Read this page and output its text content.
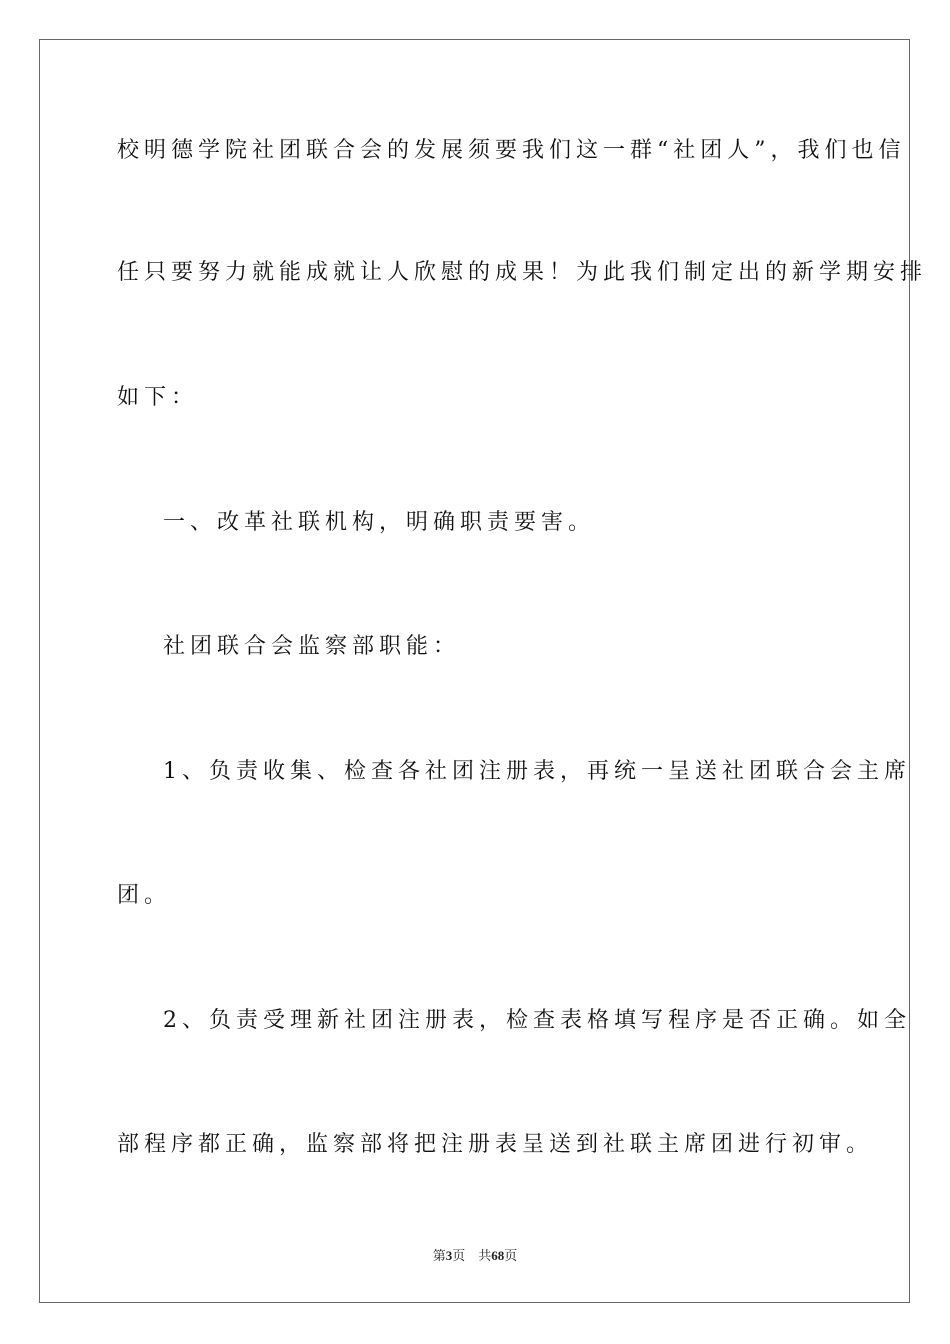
校明德学院社团联合会的发展须要我们这一群“社团人”，我们也信
任只要努力就能成就让人欣慰的成果！为此我们制定出的新学期安排
如下：
一、改革社联机构，明确职责要害。
社团联合会监察部职能：
1、负责收集、检查各社团注册表，再统一呈送社团联合会主席
团。
2、负责受理新社团注册表，检查表格填写程序是否正确。如全
部程序都正确，监察部将把注册表呈送到社联主席团进行初审。
第3页 共68页
